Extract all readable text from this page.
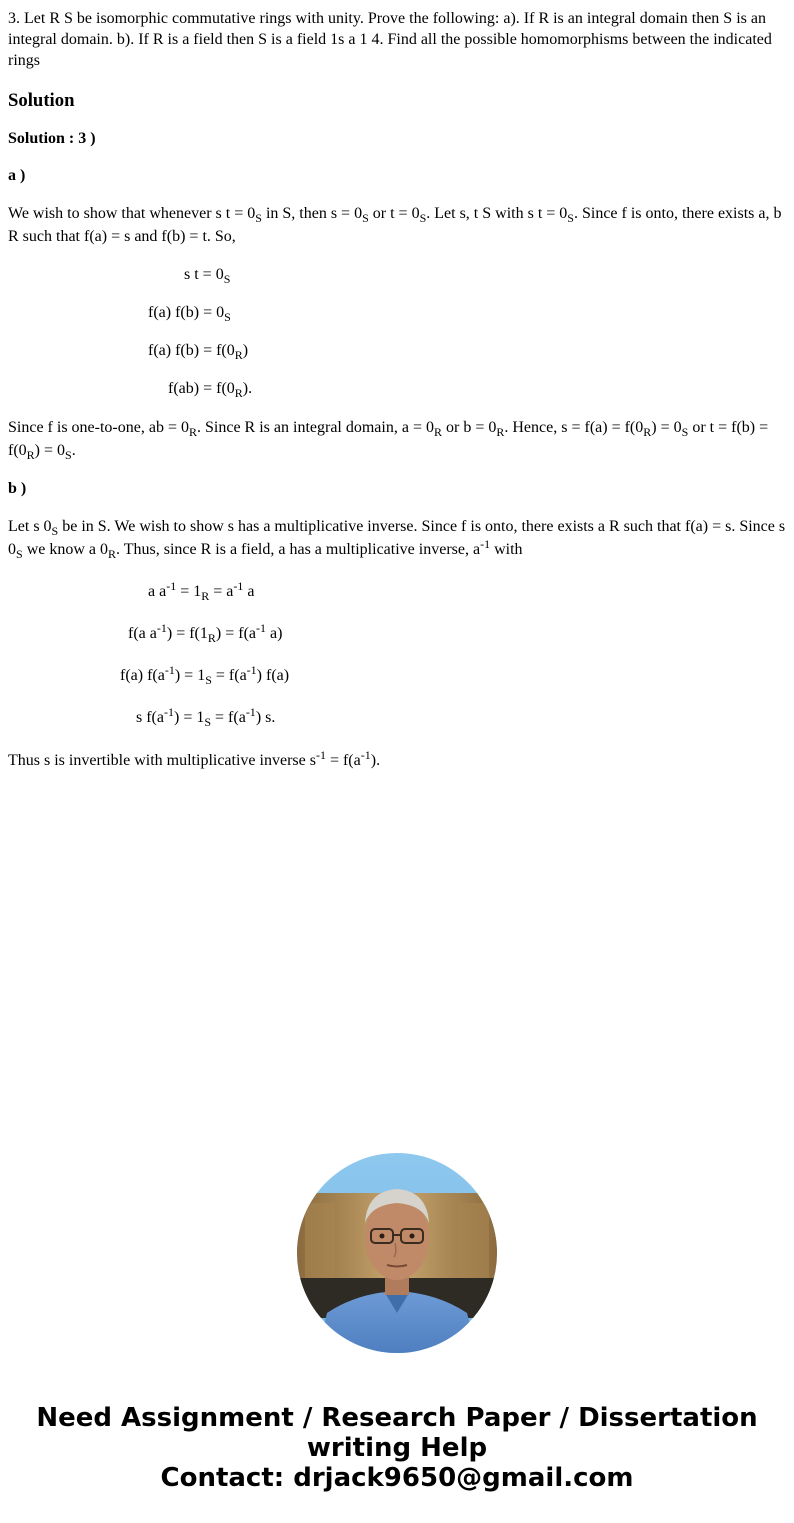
3. Let R S be isomorphic commutative rings with unity. Prove the following: a). If R is an integral domain then S is an integral domain. b). If R is a field then S is a field 1s a 1 4. Find all the possible homomorphisms between the indicated rings
Solution
Solution : 3 )
a )
We wish to show that whenever s $t = 0_S$ in S, then $s = 0_S$ or $t = 0_S$. Let s, t S with s $t = 0_S$. Since f is onto, there exists a, b R such that f(a) = s and f(b) = t. So,
s $t = 0_S$
f(a) $f(b) = 0_S$
f(a) $f(b) = f(0_R)$
$f(ab) = f(0_R)$.
Since f is one-to-one, ab = $0_R$. Since R is an integral domain, $a = 0_R$ or $b = 0_R$. Hence, $s = f(a) = f(0_R) = 0_S$ or $t = f(b) = f(0_R) = 0_S$.
b )
Let s $0_S$ be in S. We wish to show s has a multiplicative inverse. Since f is onto, there exists a R such that f(a) = s. Since s $0_S$ we know a $0_R$. Thus, since R is a field, a has a multiplicative inverse, $a^{-1}$ with
a $a^{-1} = 1_R = a^{-1}$ a
f(a $a^{-1}) = f(1_R) = f(a^{-1}$ a)
f(a) $f(a^{-1}) = 1_S = f(a^{-1})$ f(a)
s $f(a^{-1}) = 1_S = f(a^{-1})$ s.
Thus s is invertible with multiplicative inverse $s^{-1} = f(a^{-1})$.
Need Assignment / Research Paper / Dissertation
writing Help
Contact: drjack9650@gmail.com
